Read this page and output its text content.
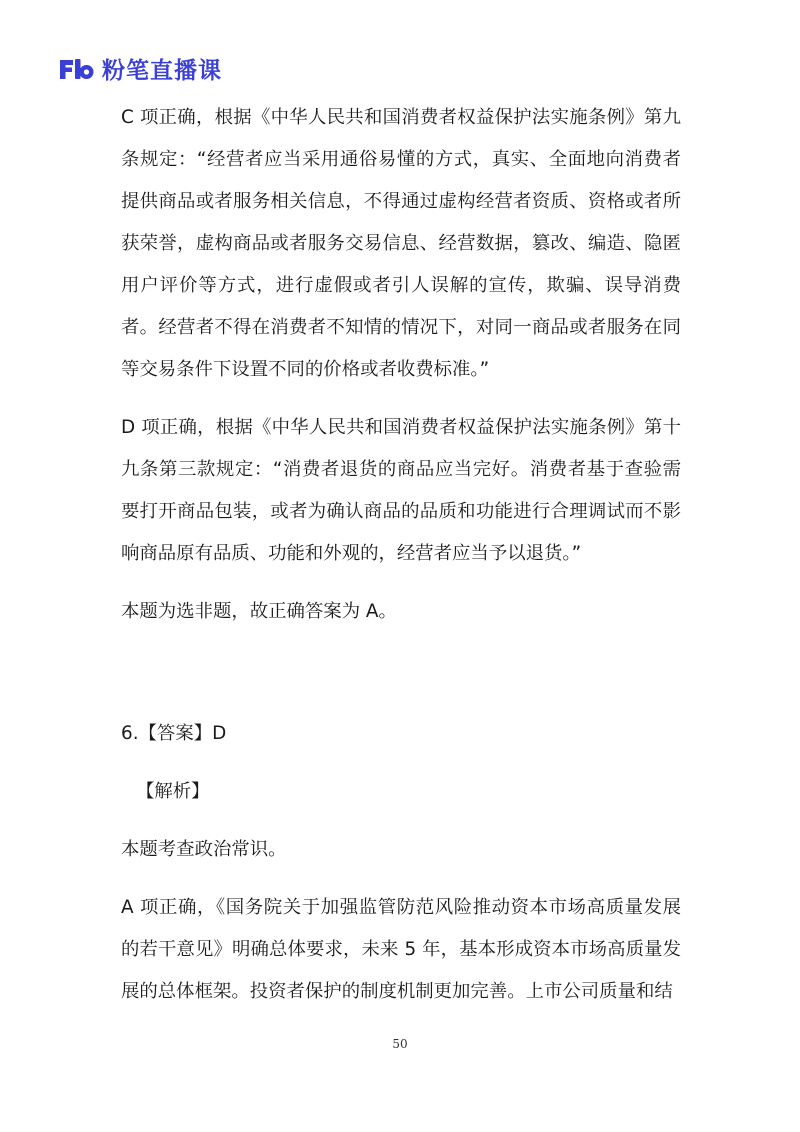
粉笔直播课

C 项正确，根据《中华人民共和国消费者权益保护法实施条例》第九条规定：“经营者应当采用通俗易懂的方式，真实、全面地向消费者提供商品或者服务相关信息，不得通过虚构经营者资质、资格或者所获荣誉，虚构商品或者服务交易信息、经营数据，篡改、编造、隐匿用户评价等方式，进行虚假或者引人误解的宣传，欺骗、误导消费者。经营者不得在消费者不知情的情况下，对同一商品或者服务在同等交易条件下设置不同的价格或者收费标准。”

D 项正确，根据《中华人民共和国消费者权益保护法实施条例》第十九条第三款规定：“消费者退货的商品应当完好。消费者基于查验需要打开商品包装，或者为确认商品的品质和功能进行合理调试而不影响商品原有品质、功能和外观的，经营者应当予以退货。”

本题为选非题，故正确答案为 A。

6.【答案】D

【解析】

本题考查政治常识。

A 项正确，《国务院关于加强监管防范风险推动资本市场高质量发展的若干意见》明确总体要求，未来 5 年，基本形成资本市场高质量发展的总体框架。投资者保护的制度机制更加完善。上市公司质量和结

50
